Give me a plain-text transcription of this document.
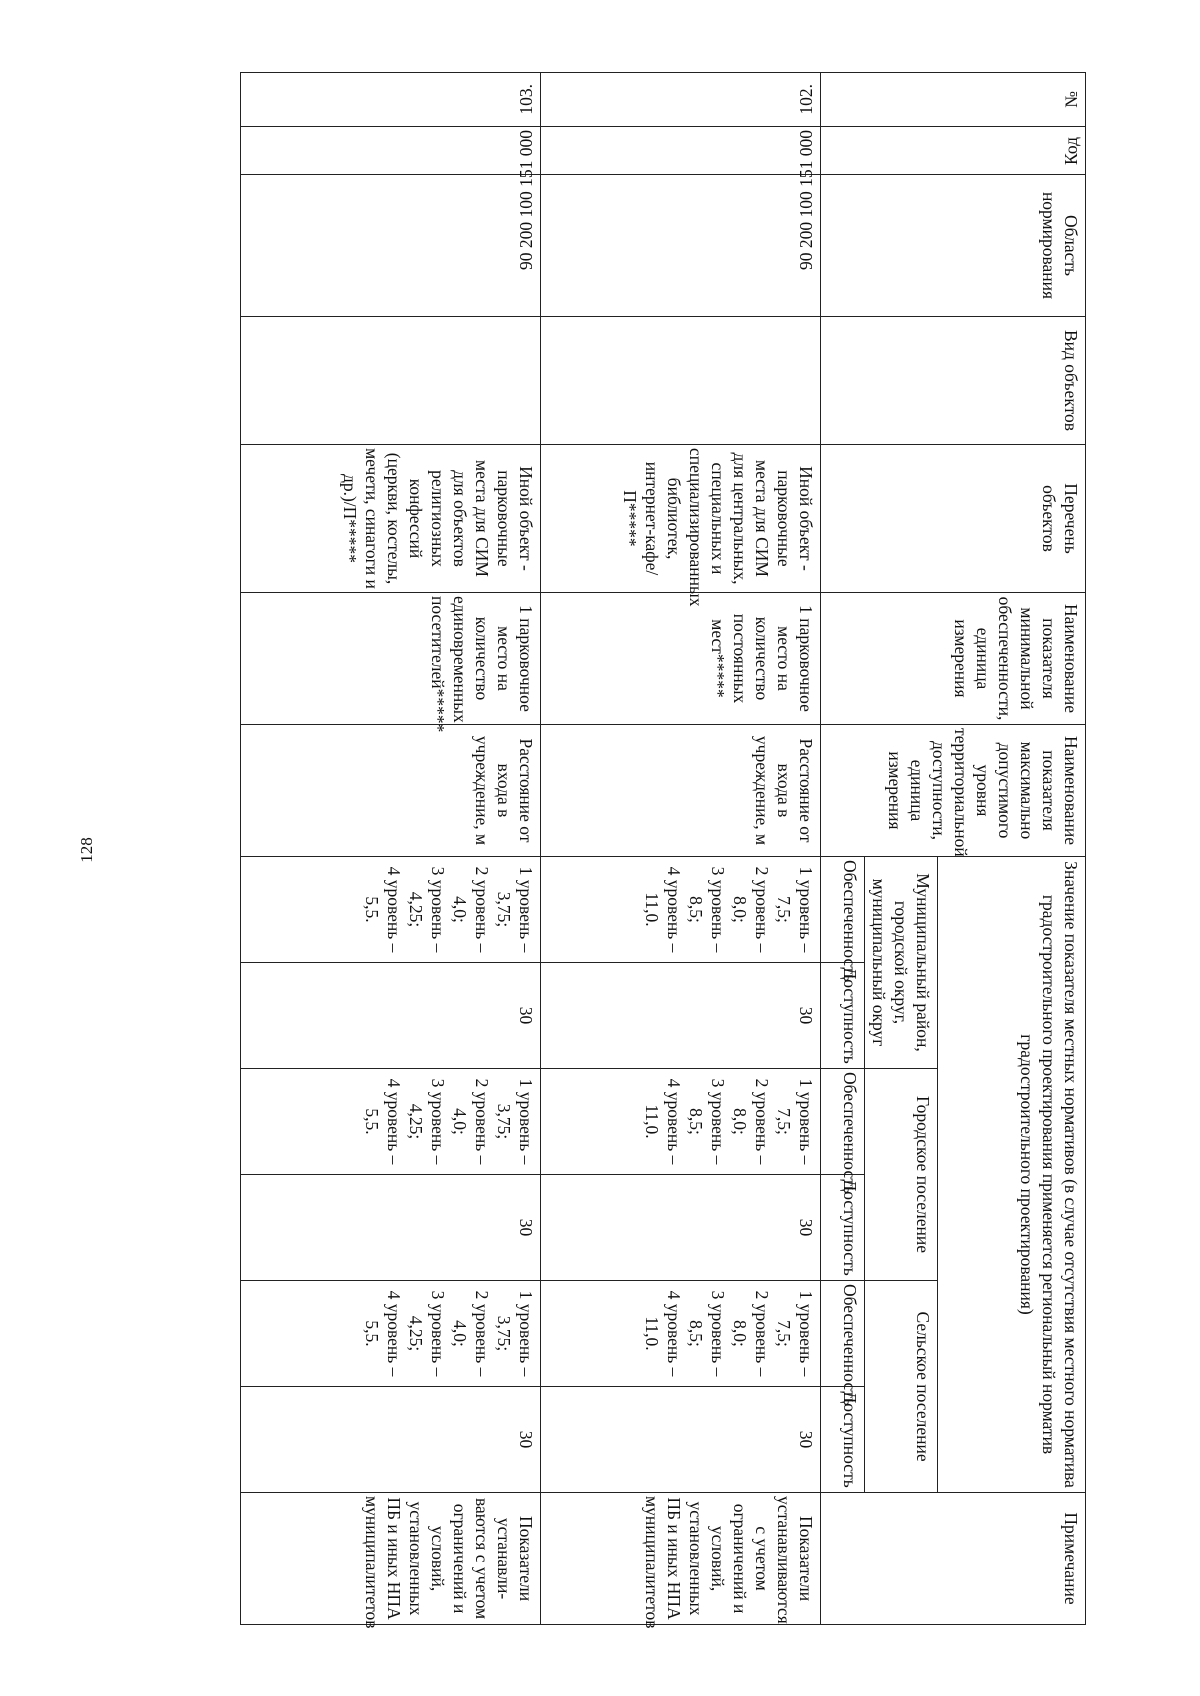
128
№	Код	Область нормирования	Вид объектов	Перечень объектов	Наименование показателя минимальной обеспеченности, единица измерения	Наименование показателя максимально допустимого уровня территориальной доступности, единица измерения	Значение показателя местных нормативов (в случае отсутствия местного норматива градостроительного проектирования применяется региональный норматив градостроительного проектирования)						Примечание
							Муниципальный район, городской округ, муниципальный округ		Городское поселение		Сельское поселение		
							Обеспеченность	Доступность	Обеспеченность	Доступность	Обеспеченность	Доступность	
102.	90 200 100 151 000			Иной объект - парковочные места для СИМ для центральных, специальных и специализированных библиотек, интернет-кафе/П*****	1 парковочное место на количество постоянных мест*****	Расстояние от входа в учреждение, м	1 уровень – 7,5;
2 уровень – 8,0;
3 уровень – 8,5;
4 уровень – 11,0.	30	1 уровень – 7,5;
2 уровень – 8,0;
3 уровень – 8,5;
4 уровень – 11,0.	30	1 уровень – 7,5;
2 уровень – 8,0;
3 уровень – 8,5;
4 уровень – 11,0.	30	Показатели устанавливаются с учетом ограничений и условий, установленных ПБ и иных НПА муниципалитетов
103.	90 200 100 151 000			Иной объект - парковочные места для СИМ для объектов религиозных конфессий (церкви, костелы, мечети, синагоги и др.)/П*****	1 парковочное место на количество единовременных посетителей*****	Расстояние от входа в учреждение, м	1 уровень – 3,75;
2 уровень – 4,0;
3 уровень – 4,25;
4 уровень – 5,5.	30	1 уровень – 3,75;
2 уровень – 4,0;
3 уровень – 4,25;
4 уровень – 5,5.	30	1 уровень – 3,75;
2 уровень – 4,0;
3 уровень – 4,25;
4 уровень – 5,5.	30	Показатели устанавли-ваются с учетом ограничений и условий, установленных ПБ и иных НПА муниципалитетов
